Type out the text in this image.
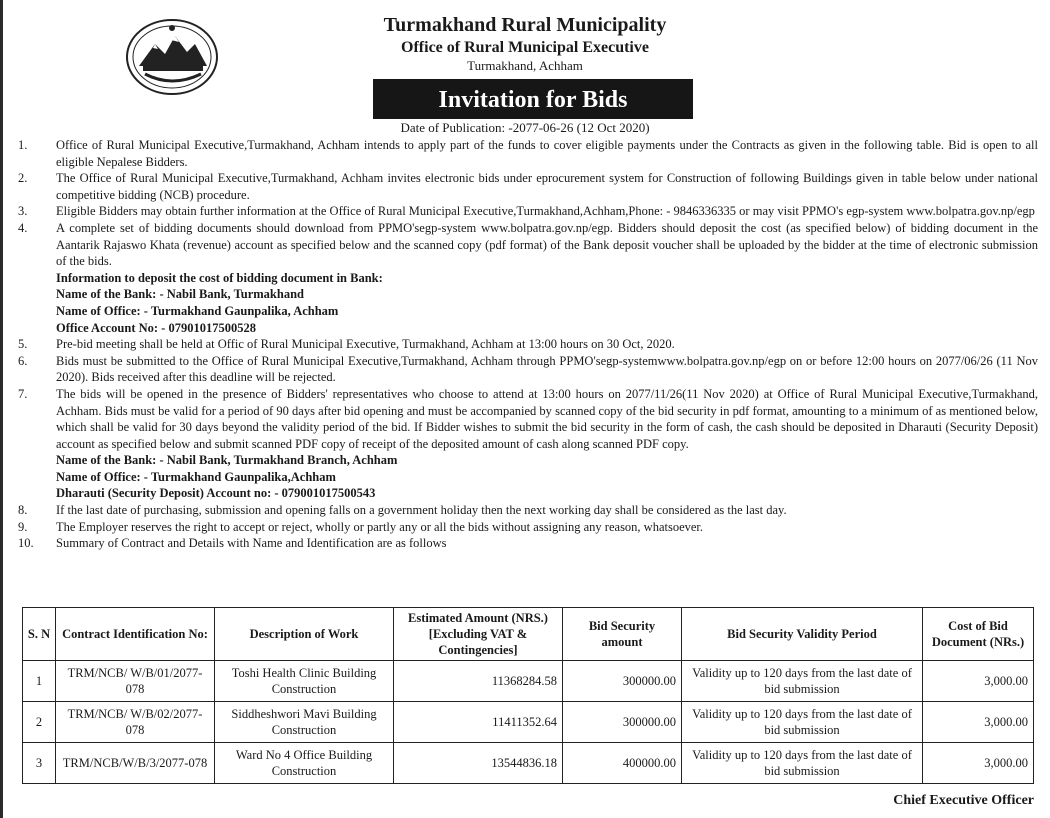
Turmakhand Rural Municipality
Office of Rural Municipal Executive
Turmakhand, Achham
Invitation for Bids
Date of Publication: -2077-06-26 (12 Oct 2020)
1.	Office of Rural Municipal Executive,Turmakhand, Achham intends to apply part of the funds to cover eligible payments under the Contracts as given in the following table. Bid is open to all eligible Nepalese Bidders.
2.	The Office of Rural Municipal Executive,Turmakhand, Achham invites electronic bids under eprocurement system for Construction of following Buildings given in table below under national competitive bidding (NCB) procedure.
3.	Eligible Bidders may obtain further information at the Office of Rural Municipal Executive,Turmakhand,Achham,Phone: - 9846336335 or may visit PPMO's egp-system www.bolpatra.gov.np/egp
4.	A complete set of bidding documents should download from PPMO'segp-system www.bolpatra.gov.np/egp. Bidders should deposit the cost (as specified below) of bidding document in the Aantarik Rajaswo Khata (revenue) account as specified below and the scanned copy (pdf format) of the Bank deposit voucher shall be uploaded by the bidder at the time of electronic submission of the bids.
Information to deposit the cost of bidding document in Bank:
Name of the Bank: - Nabil Bank, Turmakhand
Name of Office: - Turmakhand Gaunpalika, Achham
Office Account No: - 07901017500528
5.	Pre-bid meeting shall be held at Offic of Rural Municipal Executive, Turmakhand, Achham at 13:00 hours on 30 Oct, 2020.
6.	Bids must be submitted to the Office of Rural Municipal Executive,Turmakhand, Achham through PPMO'segp-systemwww.bolpatra.gov.np/egp on or before 12:00 hours on 2077/06/26 (11 Nov 2020). Bids received after this deadline will be rejected.
7.	The bids will be opened in the presence of Bidders' representatives who choose to attend at 13:00 hours on 2077/11/26(11 Nov 2020) at Office of Rural Municipal Executive,Turmakhand, Achham. Bids must be valid for a period of 90 days after bid opening and must be accompanied by scanned copy of the bid security in pdf format, amounting to a minimum of as mentioned below, which shall be valid for 30 days beyond the validity period of the bid. If Bidder wishes to submit the bid security in the form of cash, the cash should be deposited in Dharauti (Security Deposit) account as specified below and submit scanned PDF copy of receipt of the deposited amount of cash along scanned PDF copy.
Name of the Bank: - Nabil Bank, Turmakhand Branch, Achham
Name of Office: - Turmakhand Gaunpalika,Achham
Dharauti (Security Deposit) Account no: - 079001017500543
8.	If the last date of purchasing, submission and opening falls on a government holiday then the next working day shall be considered as the last day.
9.	The Employer reserves the right to accept or reject, wholly or partly any or all the bids without assigning any reason, whatsoever.
10.	Summary of Contract and Details with Name and Identification are as follows
S. N	Contract Identification No:	Description of Work	Estimated Amount (NRS.) [Excluding VAT & Contingencies]	Bid Security amount	Bid Security Validity Period	Cost of Bid Document (NRs.)
1	TRM/NCB/ W/B/01/2077- 078	Toshi Health Clinic Building Construction	11368284.58	300000.00	Validity up to 120 days from the last date of bid submission	3,000.00
2	TRM/NCB/ W/B/02/2077- 078	Siddheshwori Mavi Building Construction	11411352.64	300000.00	Validity up to 120 days from the last date of bid submission	3,000.00
3	TRM/NCB/W/B/3/2077-078	Ward No 4 Office Building Construction	13544836.18	400000.00	Validity up to 120 days from the last date of bid submission	3,000.00
Chief Executive Officer
